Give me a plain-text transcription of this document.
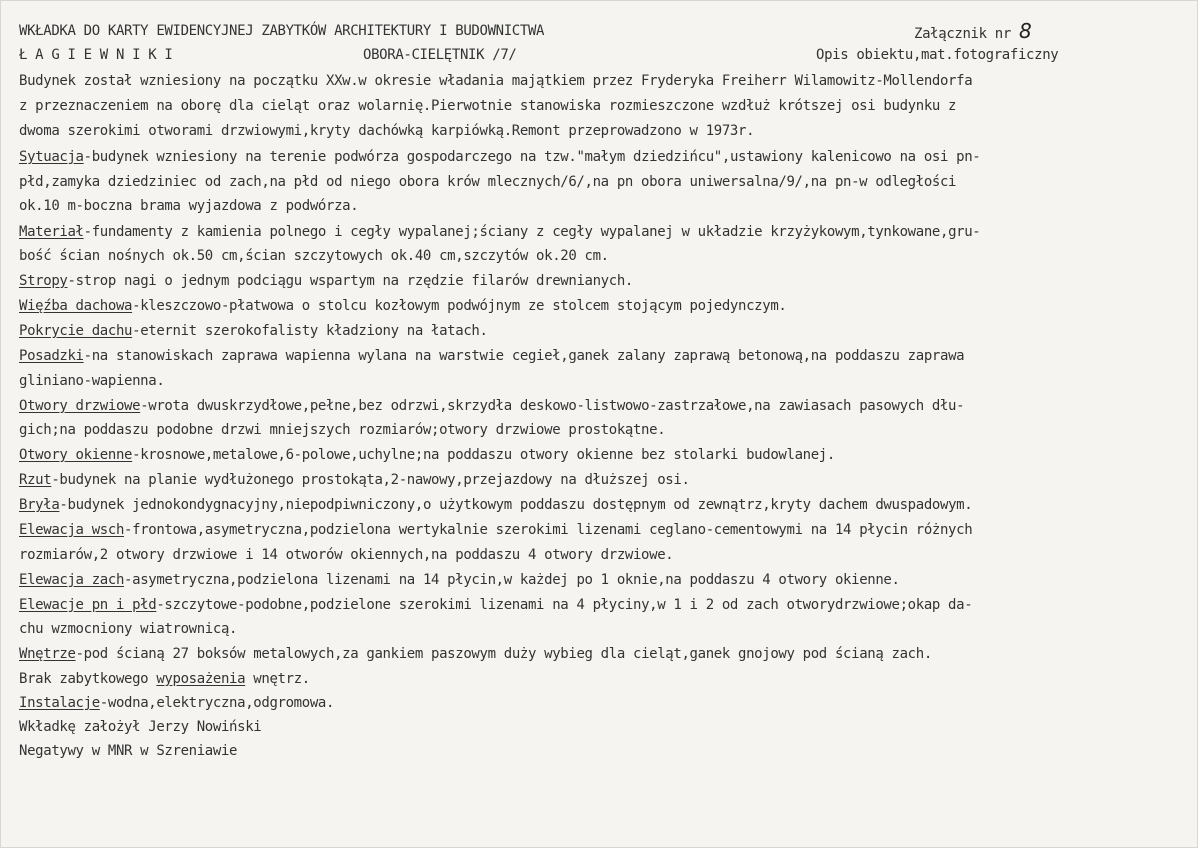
WKŁADKA DO KARTY EWIDENCYJNEJ ZABYTKÓW ARCHITEKTURY I BUDOWNICTWA	Załącznik nr 8
Ł A G I E W N I K I	OBORA-CIELĘTNIK /7/	Opis obiektu,mat.fotograficzny
Budynek został wzniesiony na początku XXw.w okresie władania majątkiem przez Fryderyka Freiherr Wilamowitz-Mollendorfa
z przeznaczeniem na oborę dla cieląt oraz wolarnię.Pierwotnie stanowiska rozmieszczone wzdłuż krótszej osi budynku z
dwoma szerokimi otworami drzwiowymi,kryty dachówką karpiówką.Remont przeprowadzono w 1973r.
Sytuacja-budynek wzniesiony na terenie podwórza gospodarczego na tzw."małym dziedzińcu",ustawiony kalenicowo na osi pn-
płd,zamyka dziedziniec od zach,na płd od niego obora krów mlecznych/6/,na pn obora uniwersalna/9/,na pn-w odległości
ok.10 m-boczna brama wyjazdowa z podwórza.
Materiał-fundamenty z kamienia polnego i cegły wypalanej;ściany z cegły wypalanej w układzie krzyżykowym,tynkowane,gru-
bość ścian nośnych ok.50 cm,ścian szczytowych ok.40 cm,szczytów ok.20 cm.
Stropy-strop nagi o jednym podciągu wspartym na rzędzie filarów drewnianych.
Więźba dachowa-kleszczowo-płatwowa o stolcu kozłowym podwójnym ze stolcem stojącym pojedynczym.
Pokrycie dachu-eternit szerokofalisty kładziony na łatach.
Posadzki-na stanowiskach zaprawa wapienna wylana na warstwie cegieł,ganek zalany zaprawą betonową,na poddaszu zaprawa
gliniano-wapienna.
Otwory drzwiowe-wrota dwuskrzydłowe,pełne,bez odrzwi,skrzydła deskowo-listwowo-zastrzałowe,na zawiasach pasowych dłu-
gich;na poddaszu podobne drzwi mniejszych rozmiarów;otwory drzwiowe prostokątne.
Otwory okienne-krosnowe,metalowe,6-polowe,uchylne;na poddaszu otwory okienne bez stolarki budowlanej.
Rzut-budynek na planie wydłużonego prostokąta,2-nawowy,przejazdowy na dłuższej osi.
Bryła-budynek jednokondygnacyjny,niepodpiwniczony,o użytkowym poddaszu dostępnym od zewnątrz,kryty dachem dwuspadowym.
Elewacja wsch-frontowa,asymetryczna,podzielona wertykalnie szerokimi lizenami ceglano-cementowymi na 14 płycin różnych
rozmiarów,2 otwory drzwiowe i 14 otworów okiennych,na poddaszu 4 otwory drzwiowe.
Elewacja zach-asymetryczna,podzielona lizenami na 14 płycin,w każdej po 1 oknie,na poddaszu 4 otwory okienne.
Elewacje pn i płd-szczytowe-podobne,podzielone szerokimi lizenami na 4 płyciny,w 1 i 2 od zach otworydrzwiowe;okap da-
chu wzmocniony wiatrownicą.
Wnętrze-pod ścianą 27 boksów metalowych,za gankiem paszowym duży wybieg dla cieląt,ganek gnojowy pod ścianą zach.
Brak zabytkowego wyposażenia wnętrz.
Instalacje-wodna,elektryczna,odgromowa.
Wkładkę założył Jerzy Nowiński
Negatywy w MNR w Szreniawie
